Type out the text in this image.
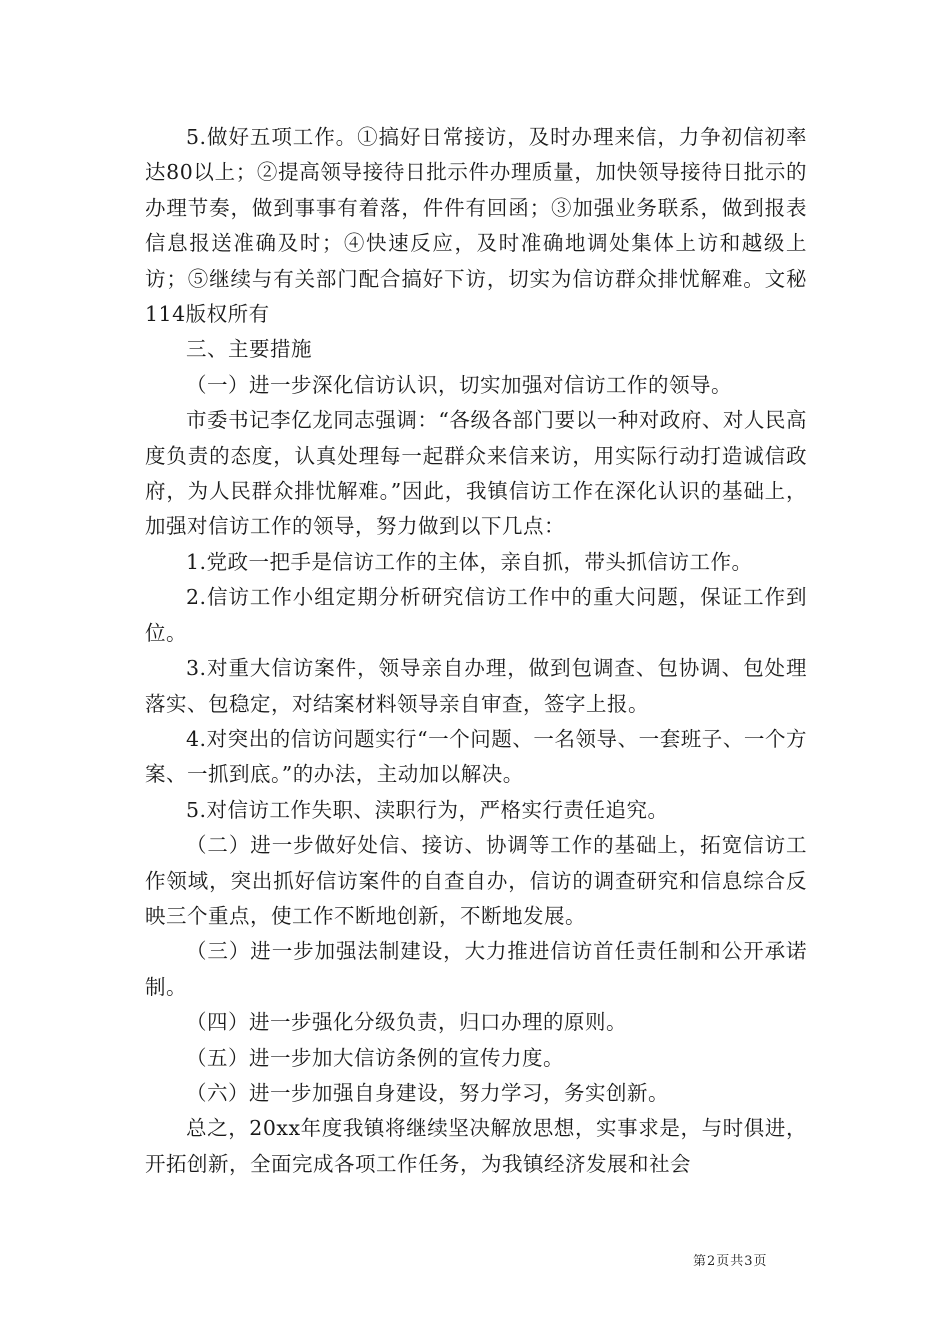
5.做好五项工作。①搞好日常接访，及时办理来信，力争初信初率达80以上；②提高领导接待日批示件办理质量，加快领导接待日批示的办理节奏，做到事事有着落，件件有回函；③加强业务联系，做到报表信息报送准确及时；④快速反应，及时准确地调处集体上访和越级上访；⑤继续与有关部门配合搞好下访，切实为信访群众排忧解难。文秘114版权所有

三、主要措施

（一）进一步深化信访认识，切实加强对信访工作的领导。

市委书记李亿龙同志强调：“各级各部门要以一种对政府、对人民高度负责的态度，认真处理每一起群众来信来访，用实际行动打造诚信政府，为人民群众排忧解难。”因此，我镇信访工作在深化认识的基础上，加强对信访工作的领导，努力做到以下几点：

1.党政一把手是信访工作的主体，亲自抓，带头抓信访工作。

2.信访工作小组定期分析研究信访工作中的重大问题，保证工作到位。

3.对重大信访案件，领导亲自办理，做到包调查、包协调、包处理落实、包稳定，对结案材料领导亲自审查，签字上报。

4.对突出的信访问题实行“一个问题、一名领导、一套班子、一个方案、一抓到底。”的办法，主动加以解决。

5.对信访工作失职、渎职行为，严格实行责任追究。

（二）进一步做好处信、接访、协调等工作的基础上，拓宽信访工作领域，突出抓好信访案件的自查自办，信访的调查研究和信息综合反映三个重点，使工作不断地创新，不断地发展。

（三）进一步加强法制建设，大力推进信访首任责任制和公开承诺制。

（四）进一步强化分级负责，归口办理的原则。

（五）进一步加大信访条例的宣传力度。

（六）进一步加强自身建设，努力学习，务实创新。

总之，20xx年度我镇将继续坚决解放思想，实事求是，与时俱进，开拓创新，全面完成各项工作任务，为我镇经济发展和社会

第2页共3页
